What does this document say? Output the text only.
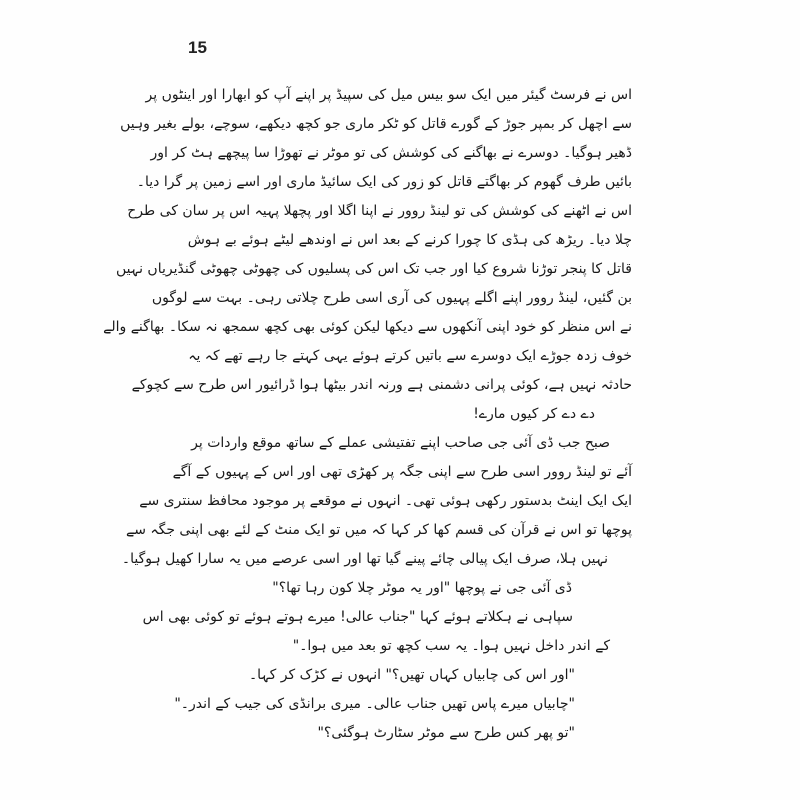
15
اس نے فرسٹ گیئر میں ایک سو بیس میل کی سپیڈ پر اپنے آپ کو ابھارا اور اینٹوں پر
سے اچھل کر بمپر جوڑ کے گورے قاتل کو ٹکر ماری جو کچھ دیکھے، سوچے، بولے بغیر وہیں
ڈھیر ہوگیا۔ دوسرے نے بھاگنے کی کوشش کی تو موٹر نے تھوڑا سا پیچھے ہٹ کر اور
بائیں طرف گھوم کر بھاگتے قاتل کو زور کی ایک سائیڈ ماری اور اسے زمین پر گرا دیا۔
اس نے اٹھنے کی کوشش کی تو لینڈ روور نے اپنا اگلا اور پچھلا پہیہ اس پر سان کی طرح
چلا دیا۔ ریڑھ کی ہڈی کا چورا کرنے کے بعد اس نے اوندھے لیٹے ہوئے بے ہوش
قاتل کا پنجر توڑنا شروع کیا اور جب تک اس کی پسلیوں کی چھوٹی چھوٹی گنڈیریاں نہیں
بن گئیں، لینڈ روور اپنے اگلے پہیوں کی آری اسی طرح چلاتی رہی۔ بہت سے لوگوں
نے اس منظر کو خود اپنی آنکھوں سے دیکھا لیکن کوئی بھی کچھ سمجھ نہ سکا۔ بھاگنے والے
خوف زدہ جوڑے ایک دوسرے سے باتیں کرتے ہوئے یہی کہتے جا رہے تھے کہ یہ
حادثہ نہیں ہے، کوئی پرانی دشمنی ہے ورنہ اندر بیٹھا ہوا ڈرائیور اس طرح سے کچوکے
دے دے کر کیوں مارے!
صبح جب ڈی آئی جی صاحب اپنے تفتیشی عملے کے ساتھ موقع واردات پر
آئے تو لینڈ روور اسی طرح سے اپنی جگہ پر کھڑی تھی اور اس کے پہیوں کے آگے
ایک ایک اینٹ بدستور رکھی ہوئی تھی۔ انہوں نے موقعے پر موجود محافظ سنتری سے
پوچھا تو اس نے قرآن کی قسم کھا کر کہا کہ میں تو ایک منٹ کے لئے بھی اپنی جگہ سے
نہیں ہلا، صرف ایک پیالی چائے پینے گیا تھا اور اسی عرصے میں یہ سارا کھیل ہوگیا۔
ڈی آئی جی نے پوچھا "اور یہ موٹر چلا کون رہا تھا؟"
سپاہی نے ہکلاتے ہوئے کہا "جناب عالی! میرے ہوتے ہوئے تو کوئی بھی اس
کے اندر داخل نہیں ہوا۔ یہ سب کچھ تو بعد میں ہوا۔"
"اور اس کی چابیاں کہاں تھیں؟" انہوں نے کڑک کر کہا۔
"چابیاں میرے پاس تھیں جناب عالی۔ میری برانڈی کی جیب کے اندر۔"
"تو پھر کس طرح سے موٹر سٹارٹ ہوگئی؟"
